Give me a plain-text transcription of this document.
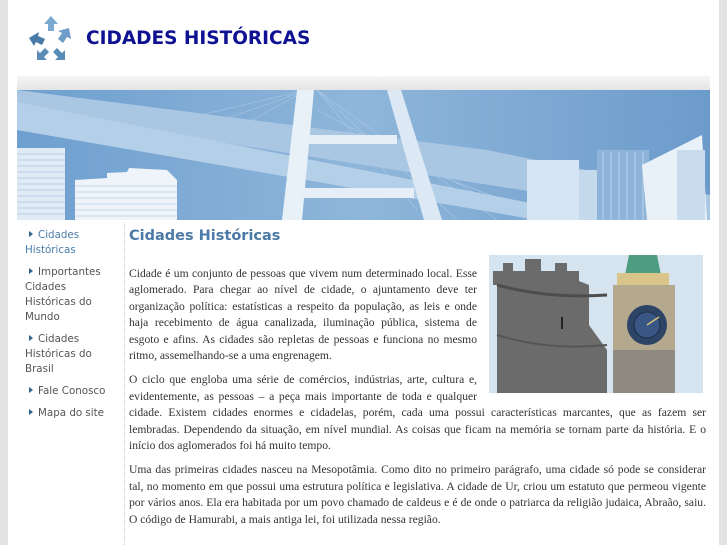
CIDADES HISTÓRICAS
Cidades Históricas
Importantes Cidades Históricas do Mundo
Cidades Históricas do Brasil
Fale Conosco
Mapa do site
Cidades Históricas

Cidade é um conjunto de pessoas que vivem num determinado local. Esse aglomerado. Para chegar ao nível de cidade, o ajuntamento deve ter organização política: estatísticas a respeito da população, as leis e onde haja recebimento de água canalizada, iluminação pública, sistema de esgoto e afins. As cidades são repletas de pessoas e funciona no mesmo ritmo, assemelhando-se a uma engrenagem.

O ciclo que engloba uma série de comércios, indústrias, arte, cultura e, evidentemente, as pessoas – a peça mais importante de toda e qualquer cidade. Existem cidades enormes e cidadelas, porém, cada uma possui características marcantes, que as fazem ser lembradas. Dependendo da situação, em nível mundial. As coisas que ficam na memória se tornam parte da história. E o início dos aglomerados foi há muito tempo.

Uma das primeiras cidades nasceu na Mesopotâmia. Como dito no primeiro parágrafo, uma cidade só pode se considerar tal, no momento em que possui uma estrutura política e legislativa. A cidade de Ur, criou um estatuto que permeou vigente por vários anos. Ela era habitada por um povo chamado de caldeus e é de onde o patriarca da religião judaica, Abraão, saiu. O código de Hamurabi, a mais antiga lei, foi utilizada nessa região.
